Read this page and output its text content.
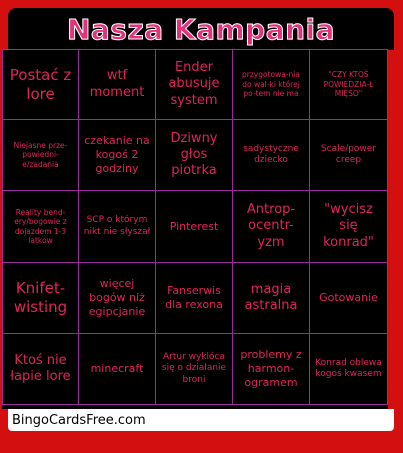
Nasza Kampania
Postać z lore
wtf moment
Ender abusuje system
przygotowa-nia do wal-ki której po-tem nie ma
"CZY KTOŚ POWIEDZIA-Ł MIĘSO"
Niejasne prze-powiedni-e/zadania
czekanie na kogoś 2 godziny
Dziwny głos piotrka
sadystyczne dziecko
Scale/power creep
Reality bend-ery/bogowie z dojazdem 1-3 latkow
SCP o którym nikt nie słyszał	Pinterest
Antrop-ocentr-yzm
"wycisz się konrad"
Knifet-wisting
więcej bogów niż egipcjanie
Fanserwis dla rexona
magia astralna
Gotowanie
Ktoś nie łapie lore
minecraft
Artur wyklóca się o działanie broni
problemy z harmon-ogramem
Konrad oblewa kogoś kwasem
BingoCardsFree.com
